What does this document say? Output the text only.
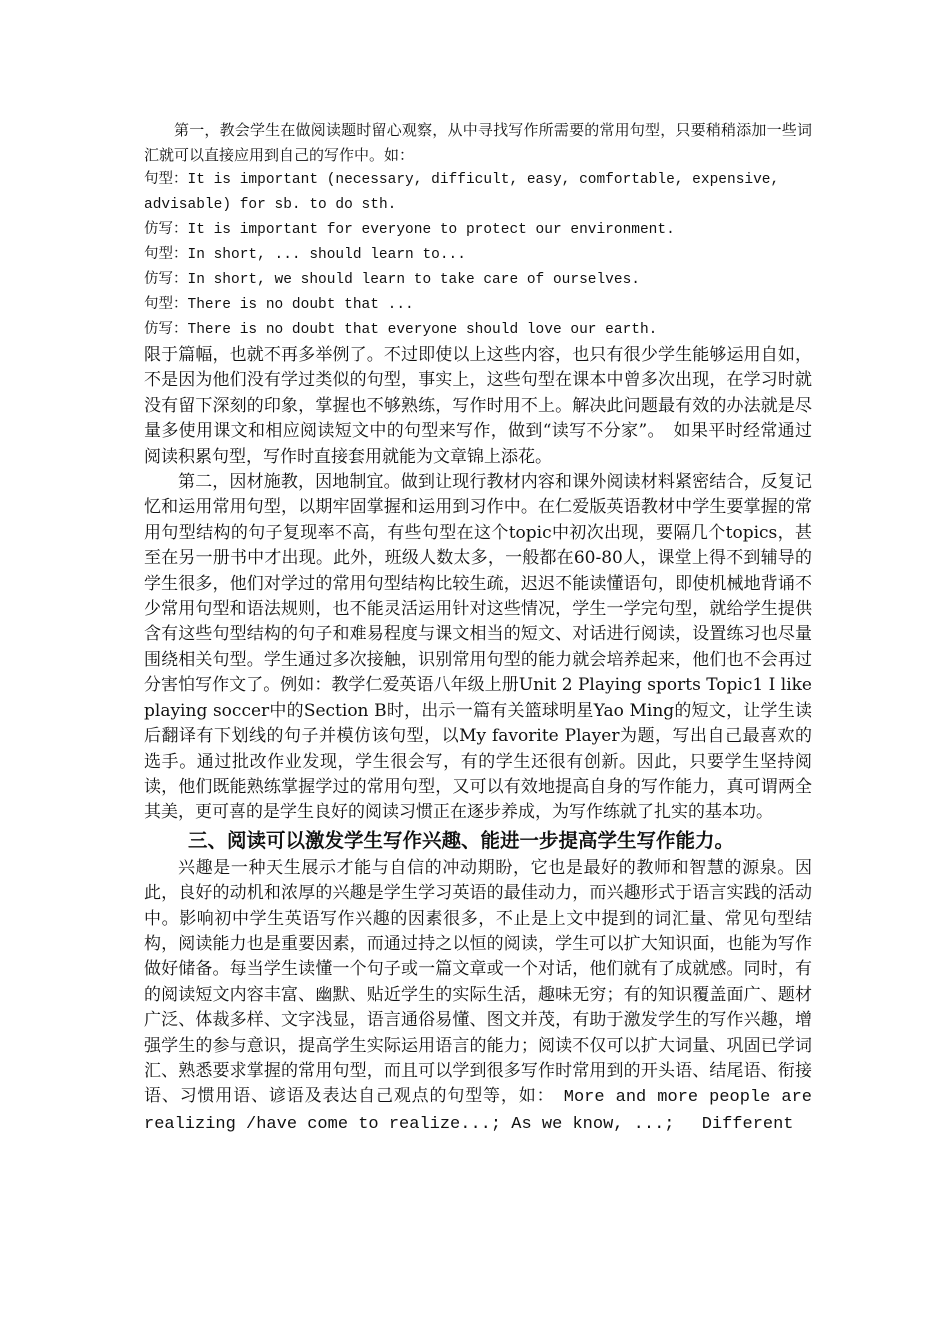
第一，教会学生在做阅读题时留心观察，从中寻找写作所需要的常用句型，只要稍稍添加一些词汇就可以直接应用到自己的写作中。如：

句型：It is important (necessary, difficult, easy, comfortable, expensive, advisable) for sb. to do sth.

仿写：It is important for everyone to protect our environment.

句型：In short, ... should learn to...

仿写：In short, we should learn to take care of ourselves.

句型：There is no doubt that ...

仿写：There is no doubt that everyone should love our earth.

限于篇幅，也就不再多举例了。不过即使以上这些内容，也只有很少学生能够运用自如，不是因为他们没有学过类似的句型，事实上，这些句型在课本中曾多次出现，在学习时就没有留下深刻的印象，掌握也不够熟练，写作时用不上。解决此问题最有效的办法就是尽量多使用课文和相应阅读短文中的句型来写作，做到“读写不分家”。　如果平时经常通过阅读积累句型，写作时直接套用就能为文章锦上添花。

第二，因材施教，因地制宜。做到让现行教材内容和课外阅读材料紧密结合，反复记忆和运用常用句型，以期牢固掌握和运用到习作中。在仁爱版英语教材中学生要掌握的常用句型结构的句子复现率不高，有些句型在这个topic中初次出现，要隔几个topics，甚至在另一册书中才出现。此外，班级人数太多，一般都在60-80人，课堂上得不到辅导的学生很多，他们对学过的常用句型结构比较生疏，迟迟不能读懂语句，即使机械地背诵不少常用句型和语法规则，也不能灵活运用针对这些情况，学生一学完句型，就给学生提供含有这些句型结构的句子和难易程度与课文相当的短文、对话进行阅读，设置练习也尽量围绕相关句型。学生通过多次接触，识别常用句型的能力就会培养起来，他们也不会再过分害怕写作文了。例如：教学仁爱英语八年级上册Unit 2 Playing sports Topic1 I like playing soccer中的Section B时，出示一篇有关篮球明星Yao Ming的短文，让学生读后翻译有下划线的句子并模仿该句型，以My favorite Player为题，写出自己最喜欢的选手。通过批改作业发现，学生很会写，有的学生还很有创新。因此，只要学生坚持阅读，他们既能熟练掌握学过的常用句型，又可以有效地提高自身的写作能力，真可谓两全其美，更可喜的是学生良好的阅读习惯正在逐步养成，为写作练就了扎实的基本功。

三、阅读可以激发学生写作兴趣、能进一步提高学生写作能力。

兴趣是一种天生展示才能与自信的冲动期盼，它也是最好的教师和智慧的源泉。因此，良好的动机和浓厚的兴趣是学生学习英语的最佳动力，而兴趣形式于语言实践的活动中。影响初中学生英语写作兴趣的因素很多，不止是上文中提到的词汇量、常见句型结构，阅读能力也是重要因素，而通过持之以恒的阅读，学生可以扩大知识面，也能为写作做好储备。每当学生读懂一个句子或一篇文章或一个对话，他们就有了成就感。同时，有的阅读短文内容丰富、幽默、贴近学生的实际生活，趣味无穷；有的知识覆盖面广、题材广泛、体裁多样、文字浅显，语言通俗易懂、图文并茂，有助于激发学生的写作兴趣，增强学生的参与意识，提高学生实际运用语言的能力；阅读不仅可以扩大词量、巩固已学词汇、熟悉要求掌握的常用句型，而且可以学到很多写作时常用到的开头语、结尾语、衔接语、习惯用语、谚语及表达自己观点的句型等，如：　More and more people are realizing /have come to realize...; As we know, ...;　 Different
